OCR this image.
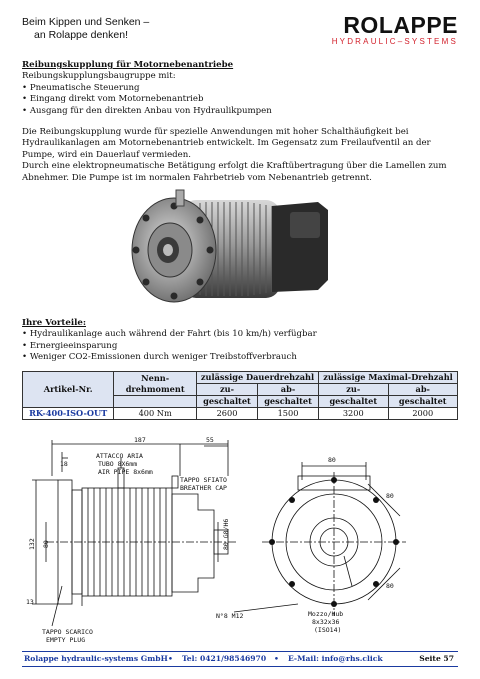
Beim Kippen und Senken –
an Rolappe denken!	ROLAPPE
HYDRAULIC–SYSTEMS

Reibungskupplung für Motornebenantriebe

Reibungskupplungsbaugruppe mit:

• Pneumatische Steuerung
• Eingang direkt vom Motornebenantrieb
• Ausgang für den direkten Anbau von Hydraulikpumpen

Die Reibungskupplung wurde für spezielle Anwendungen mit hoher Schalthäufigkeit bei Hydraulikanlagen am Motornebenantrieb entwickelt. Im Gegensatz zum Freilaufventil an der Pumpe, wird ein Dauerlauf vermieden.

Durch eine elektropneumatische Betätigung erfolgt die Kraftübertragung über die Lamellen zum Abnehmer. Die Pumpe ist im normalen Fahrbetrieb vom Nebenantrieb getrennt.

Ihre Vorteile:
• Hydraulikanlage auch während der Fahrt (bis 10 km/h) verfügbar
• Ernergieeinsparung
• Weniger CO2-Emissionen durch weniger Treibstoffverbrauch
Artikel-Nr.	Nenn-
drehmoment	zulässige Dauerdrehzahl		zulässige Maximal-Drehzahl	
		zu-	ab-	zu-	ab-
		geschaltet	geschaltet	geschaltet	geschaltet
RK-400-ISO-OUT	400 Nm	2600	1500	3200	2000
187	55
18
ATTACCO ARIA
TUBO 8X6mm
AIR PIPE 8x6mm
TAPPO SFIATO
BREATHER CAP
132 80	80 G8/H6
13
TAPPO SCARICO
EMPTY PLUG
N°8 M12	Mozzo/Hub
8x32x36
(ISO14)
80
80
80
Rolappe hydraulic-systems GmbH • Tel: 0421/98546970 • E-Mail: info@rhs.click	Seite 57
